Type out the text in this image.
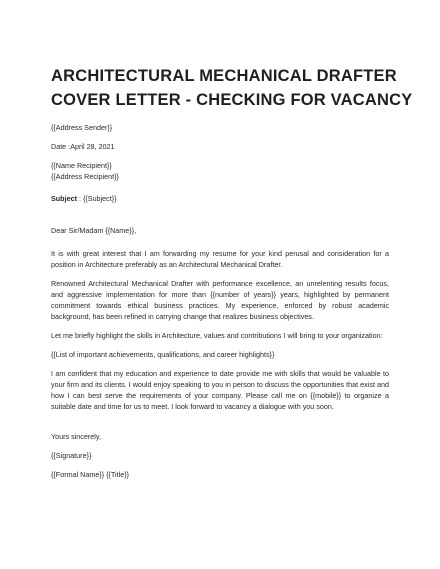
ARCHITECTURAL MECHANICAL DRAFTER
COVER LETTER - CHECKING FOR VACANCY
{{Address Sender}}
Date :April 28, 2021
{{Name Recipient}}
{{Address Recipient}}
Subject : {{Subject}}
Dear Sir/Madam {{Name}},

It is with great interest that I am forwarding my resume for your kind perusal and consideration for a position in Architecture preferably as an Architectural Mechanical Drafter.

Renowned Architectural Mechanical Drafter with performance excellence, an unrelenting results focus, and aggressive implementation for more than {{number of years}} years, highlighted by permanent commitment towards ethical business practices. My experience, enforced by robust academic background, has been refined in carrying change that realizes business objectives.

Let me briefly highlight the skills in Architecture, values and contributions I will bring to your organization:

{{List of important achievements, qualifications, and career highlights}}

I am confident that my education and experience to date provide me with skills that would be valuable to your firm and its clients. I would enjoy speaking to you in person to discuss the opportunities that exist and how I can best serve the requirements of your company. Please call me on {{mobile}} to organize a suitable date and time for us to meet. I look forward to vacancy a dialogue with you soon.

Yours sincerely,
{{Signature}}
{{Formal Name}} {{Title}}
